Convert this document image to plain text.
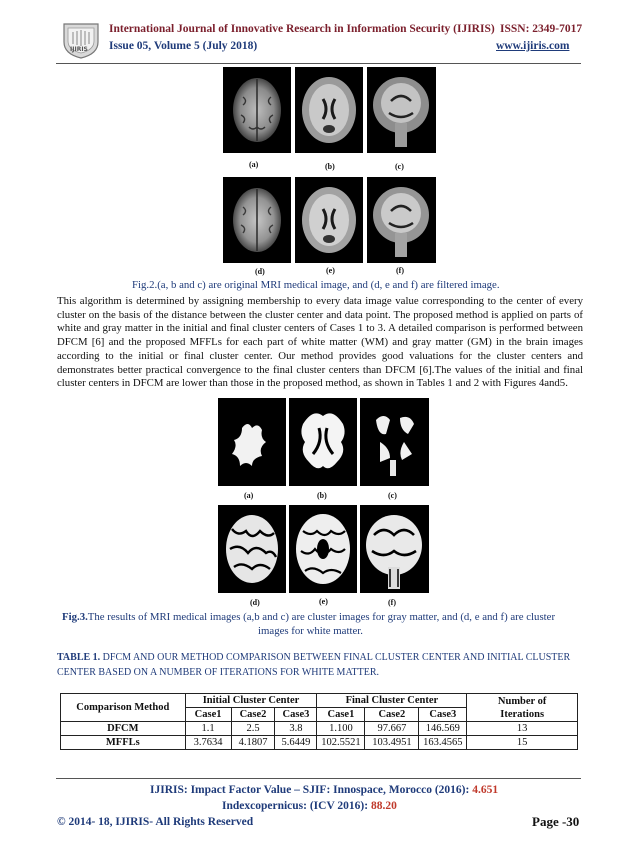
IJIRIS
International Journal of Innovative Research in Information Security (IJIRIS) ISSN: 2349-7017
Issue 05, Volume 5 (July 2018)	www.ijiris.com
(a)	(b)	(c)
(d)	(e)	(f)
Fig.2.(a, b and c) are original MRI medical image, and (d, e and f) are filtered image.
This algorithm is determined by assigning membership to every data image value corresponding to the center of every cluster on the basis of the distance between the cluster center and data point. The proposed method is applied on parts of white and gray matter in the initial and final cluster centers of Cases 1 to 3. A detailed comparison is performed between DFCM [6] and the proposed MFFLs for each part of white matter (WM) and gray matter (GM) in the brain images according to the initial or final cluster center. Our method provides good valuations for the cluster centers and demonstrates better practical convergence to the final cluster centers than DFCM [6].The values of the initial and final cluster centers in DFCM are lower than those in the proposed method, as shown in Tables 1 and 2 with Figures 4and5.
(a)	(b)	(c)
(d)	(e)	(f)
Fig.3.The results of MRI medical images (a,b and c) are cluster images for gray matter, and (d, e and f) are cluster
images for white matter.
TABLE 1. DFCM AND OUR METHOD COMPARISON BETWEEN FINAL CLUSTER CENTER AND INITIAL CLUSTER CENTER BASED ON A NUMBER OF ITERATIONS FOR WHITE MATTER.
Comparison Method	Initial Cluster Center			Final Cluster Center			Number of
Iterations

	Case1	Case2	Case3	Case1	Case2	Case3	
DFCM	1.1	2.5	3.8	1.100	97.667	146.569	13
MFFLs	3.7634	4.1807	5.6449	102.5521	103.4951	163.4565	15
IJIRIS: Impact Factor Value – SJIF: Innospace, Morocco (2016): 4.651
Indexcopernicus: (ICV 2016): 88.20
© 2014- 18, IJIRIS- All Rights Reserved	Page -30
